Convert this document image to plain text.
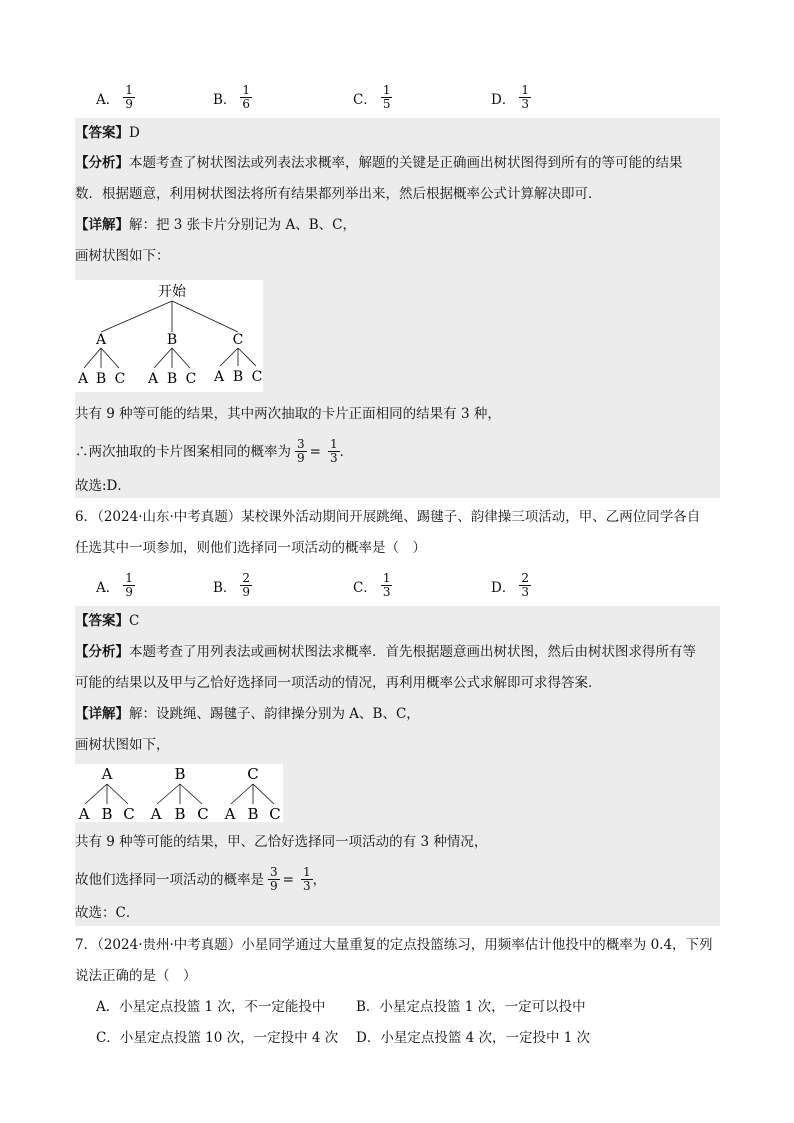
A． $\frac{1}{9}$	B． $\frac{1}{6}$	C． $\frac{1}{5}$	D． $\frac{1}{3}$
【答案】D
【分析】本题考查了树状图法或列表法求概率，解题的关键是正确画出树状图得到所有的等可能的结果
数．根据题意，利用树状图法将所有结果都列举出来，然后根据概率公式计算解决即可．
【详解】解：把 3 张卡片分别记为 A、B、C，
画树状图如下：
开始
A	B	C
A B C A B C A B C
共有 9 种等可能的结果，其中两次抽取的卡片正面相同的结果有 3 种，
∴两次抽取的卡片图案相同的概率为 $\frac{3}{9} = \frac{1}{3}$ ．
故选:D．
6．（2024·山东·中考真题）某校课外活动期间开展跳绳、踢毽子、韵律操三项活动，甲、乙两位同学各自
任选其中一项参加，则他们选择同一项活动的概率是（　）
A． $\frac{1}{9}$	B． $\frac{2}{9}$	C． $\frac{1}{3}$	D． $\frac{2}{3}$
【答案】C
【分析】本题考查了用列表法或画树状图法求概率．首先根据题意画出树状图，然后由树状图求得所有等
可能的结果以及甲与乙恰好选择同一项活动的情况，再利用概率公式求解即可求得答案．
【详解】解：设跳绳、踢毽子、韵律操分别为 A、B、C，
画树状图如下，
A
A B C
B
A B C
C
A B C
共有 9 种等可能的结果，甲、乙恰好选择同一项活动的有 3 种情况，
故他们选择同一项活动的概率是 $\frac{3}{9} = \frac{1}{3}$ ，
故选：C．
7．（2024·贵州·中考真题）小星同学通过大量重复的定点投篮练习，用频率估计他投中的概率为 0.4，下列
说法正确的是（　）
A．小星定点投篮 1 次，不一定能投中 B．小星定点投篮 1 次，一定可以投中
C．小星定点投篮 10 次，一定投中 4 次 D．小星定点投篮 4 次，一定投中 1 次
